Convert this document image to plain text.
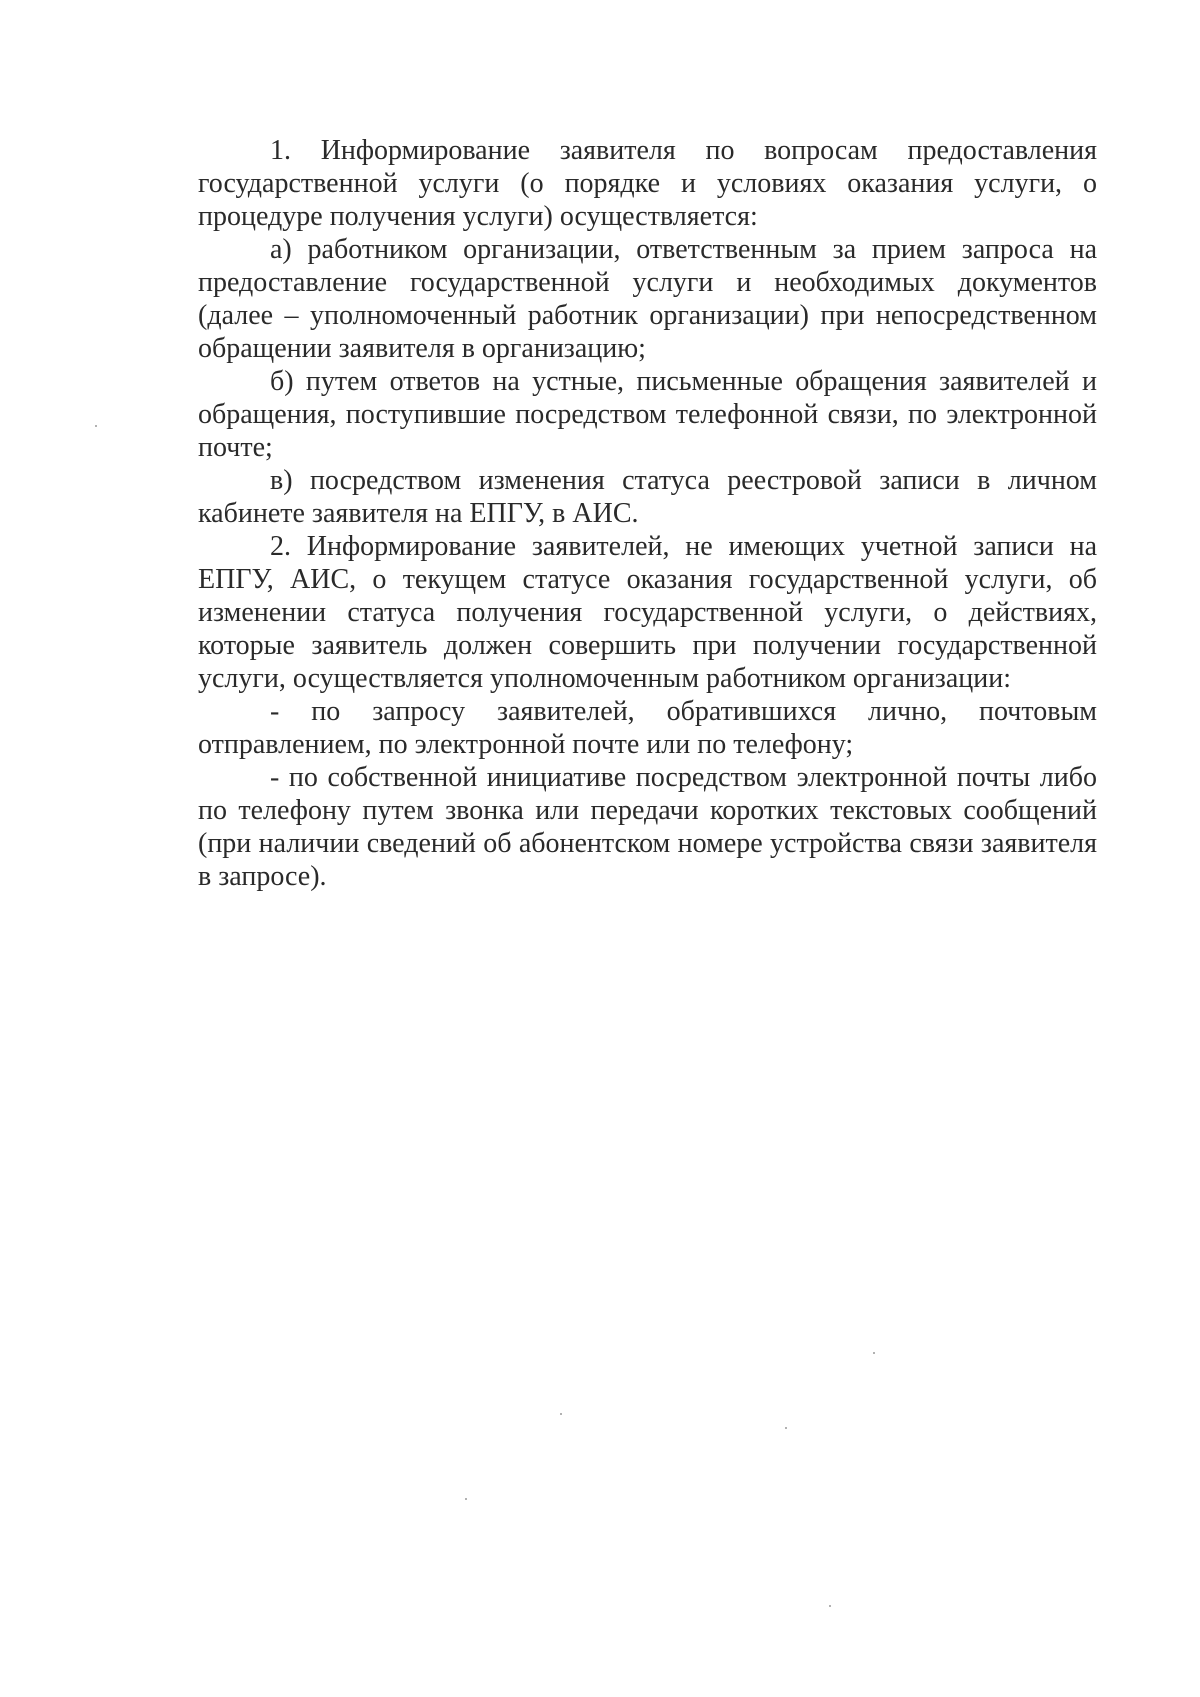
1. Информирование заявителя по вопросам предоставления государственной услуги (о порядке и условиях оказания услуги, о процедуре получения услуги) осуществляется:

а) работником организации, ответственным за прием запроса на предоставление государственной услуги и необходимых документов (далее – уполномоченный работник организации) при непосредственном обращении заявителя в организацию;

б) путем ответов на устные, письменные обращения заявителей и обращения, поступившие посредством телефонной связи, по электронной почте;

в) посредством изменения статуса реестровой записи в личном кабинете заявителя на ЕПГУ, в АИС.

2. Информирование заявителей, не имеющих учетной записи на ЕПГУ, АИС, о текущем статусе оказания государственной услуги, об изменении статуса получения государственной услуги, о действиях, которые заявитель должен совершить при получении государственной услуги, осуществляется уполномоченным работником организации:

- по запросу заявителей, обратившихся лично, почтовым отправлением, по электронной почте или по телефону;

- по собственной инициативе посредством электронной почты либо по телефону путем звонка или передачи коротких текстовых сообщений (при наличии сведений об абонентском номере устройства связи заявителя в запросе).
